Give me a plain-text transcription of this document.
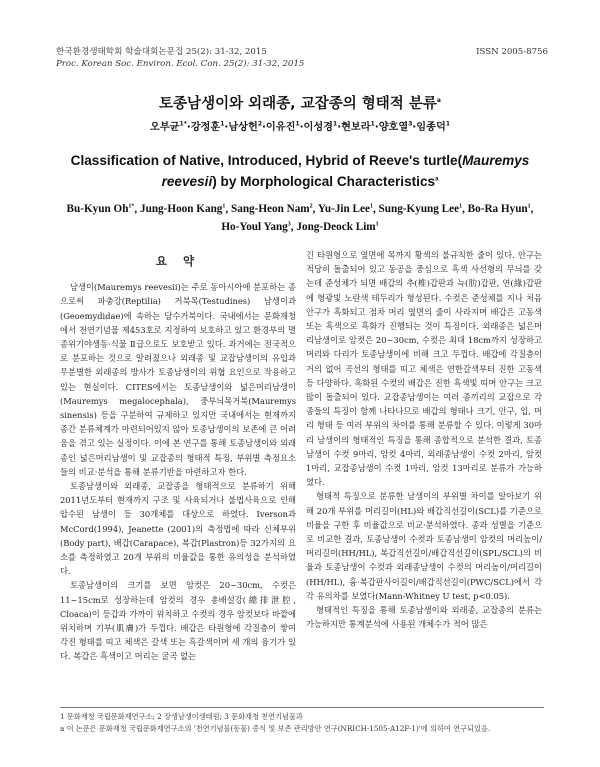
한국환경생태학회 학술대회논문집 25(2): 31-32, 2015
Proc. Korean Soc. Environ. Ecol. Con. 25(2): 31-32, 2015
ISSN 2005-8756
토종남생이와 외래종, 교잡종의 형태적 분류$^a$
오부균$^{1*}$·강정훈$^1$·남상헌$^2$·이유진$^1$·이성경$^1$·현보라$^1$·양호열$^3$·임종덕$^1$
Classification of Native, Introduced, Hybrid of Reeve's turtle(Mauremys reevesii) by Morphological Characteristics$^a$
Bu-Kyun $Oh^{1*}$, Jung-Hoon Kang$^1$, Sang-Heon Nam$^2$, Yu-Jin Lee$^1$, Sung-Kyung Lee$^1$, Bo-Ra Hyun$^1$, Ho-Youl Yang$^3$, Jong-Deock Lim$^1$
요 약

남생이(Mauremys reevesii)는 주로 동아시아에 분포하는 종으로써 파충강(Reptilia) 거북목(Testudines) 남생이과(Geoemydidae)에 속하는 담수거북이다. 국내에서는 문화재청에서 천연기념물 제453호로 지정하여 보호하고 있고 환경부의 멸종위기야생동·식물 Ⅱ급으로도 보호받고 있다. 과거에는 전국적으로 분포하는 것으로 알려졌으나 외래종 및 교잡남생이의 유입과 무분별한 외래종의 방사가 토종남생이의 위협 요인으로 작용하고 있는 현실이다. CITES에서는 토종남생이와 넓은머리남생이(Mauremys megalocephala), 중부늬목거북(Mauremys sinensis) 등을 구분하여 규제하고 있지만 국내에서는 현재까지 종간 분류체계가 마련되어있지 않아 토종남생이의 보존에 큰 어려움을 겪고 있는 실정이다. 이에 본 연구를 통해 토종남생이와 외래종인 넓은머리남생이 및 교잡종의 형태적 특징, 부위별 측정요소들의 비교·분석을 통해 분류기반을 마련하고자 한다.

토종남생이와 외래종, 교잡종을 형태적으로 분류하기 위해 2011년도부터 현재까지 구조 및 사육되거나 불법사육으로 인해 압수된 남생이 등 30개체를 대상으로 하였다. Iverson과 McCord(1994), Jeanette (2001)의 측정법에 따라 신체부위(Body part), 배갑(Carapace), 복갑(Plastron)등 32가지의 요소를 측정하였고 20개 부위의 비율값을 통한 유의성을 분석하였다.

토종남생이의 크기를 보면 암컷은 20~30cm, 수컷은 11~15cm로 성장하는데 암컷의 경우 총배설강(總排泄腔, Cloaca)이 등갑과 가까이 위치하고 수컷의 경우 암컷보다 바깥에 위치하며 기부(肌膚)가 두껍다. 배갑은 타원형에 각질층이 쌓여 각진 형태를 띠고 체색은 갈색 또는 흑갈색이며 세 개의 융기가 있다. 복갑은 흑색이고 머리는 굴곡 없는

긴 타원형으로 옆면에 목까지 황색의 불규칙한 줄이 있다. 안구는 적당히 돌출되어 있고 동공을 중심으로 흑색 사선형의 무늬를 갖는데 준성체가 되면 배갑의 추(椎)갑판과 늑(肋)갑판, 연(緣)갑판에 형광빛 노란색 테두리가 형성된다. 수컷은 준성체를 지나 처음 안구가 흑화되고 점차 머리 옆면의 줄이 사라지며 배갑은 고동색 또는 흑색으로 흑화가 진행되는 것이 특징이다. 외래종은 넓은머리남생이로 암컷은 20~30cm, 수컷은 최대 18cm까지 성장하고 머리와 다리가 토종남생이에 비해 크고 두껍다. 배갑에 각질층이 거의 없어 곡선의 형태를 띠고 체색은 연한갈색부터 진한 고동색 등 다양하다. 흑화된 수컷의 배갑은 진한 흑색빛 띠며 안구는 크고 많이 돌출되어 있다. 교잡종남생이는 여러 종끼리의 교잡으로 각 종들의 특징이 함께 나타나므로 배갑의 형태나 크기, 안구, 입, 머리 형태 등 여러 부위의 차이를 통해 분류할 수 있다. 이렇게 30마리 남생이의 형태적인 특징을 통해 종합적으로 분석한 결과, 토종남생이 수컷 9마리, 암컷 4마리, 외래종남생이 수컷 2마리, 암컷 1마리, 교잡종남생이 수컷 1마리, 암컷 13마리로 분류가 가능하였다.

형태적 특징으로 분류한 남생이의 부위별 차이를 알아보기 위해 20개 부위를 머리길이(HL)와 배갑직선길이(SCL)를 기준으로 비율을 구한 후 비율값으로 비교·분석하였다. 종과 성별을 기준으로 비교한 결과, 토종남생이 수컷과 토종남생이 암컷의 머리높이/머리길이(HH/HL), 복갑직선길이/배갑직선길이(SPL/SCL)의 비율과 토종남생이 수컷과 외래종남생이 수컷의 머리높이/머리길이(HH/HL), 흉·복갑판사이길이/배갑직선길이(PWC/SCL)에서 각각 유의차를 보였다(Mann-Whitney U test, p<0.05).

형태적인 특징을 통해 토종남생이와 외래종, 교잡종의 분류는 가능하지만 통계분석에 사용된 개체수가 적어 많은

1 문화재청 국립문화재연구소; 2 장생남생이생태원; 3 문화재청 천연기념물과
a 이 논문은 문화재청 국립문화재연구소의 '천연기념물(동물) 증식 및 보존 관리방안 연구(NRICH-1505-A12F-1)'에 의하여 연구되었음.
